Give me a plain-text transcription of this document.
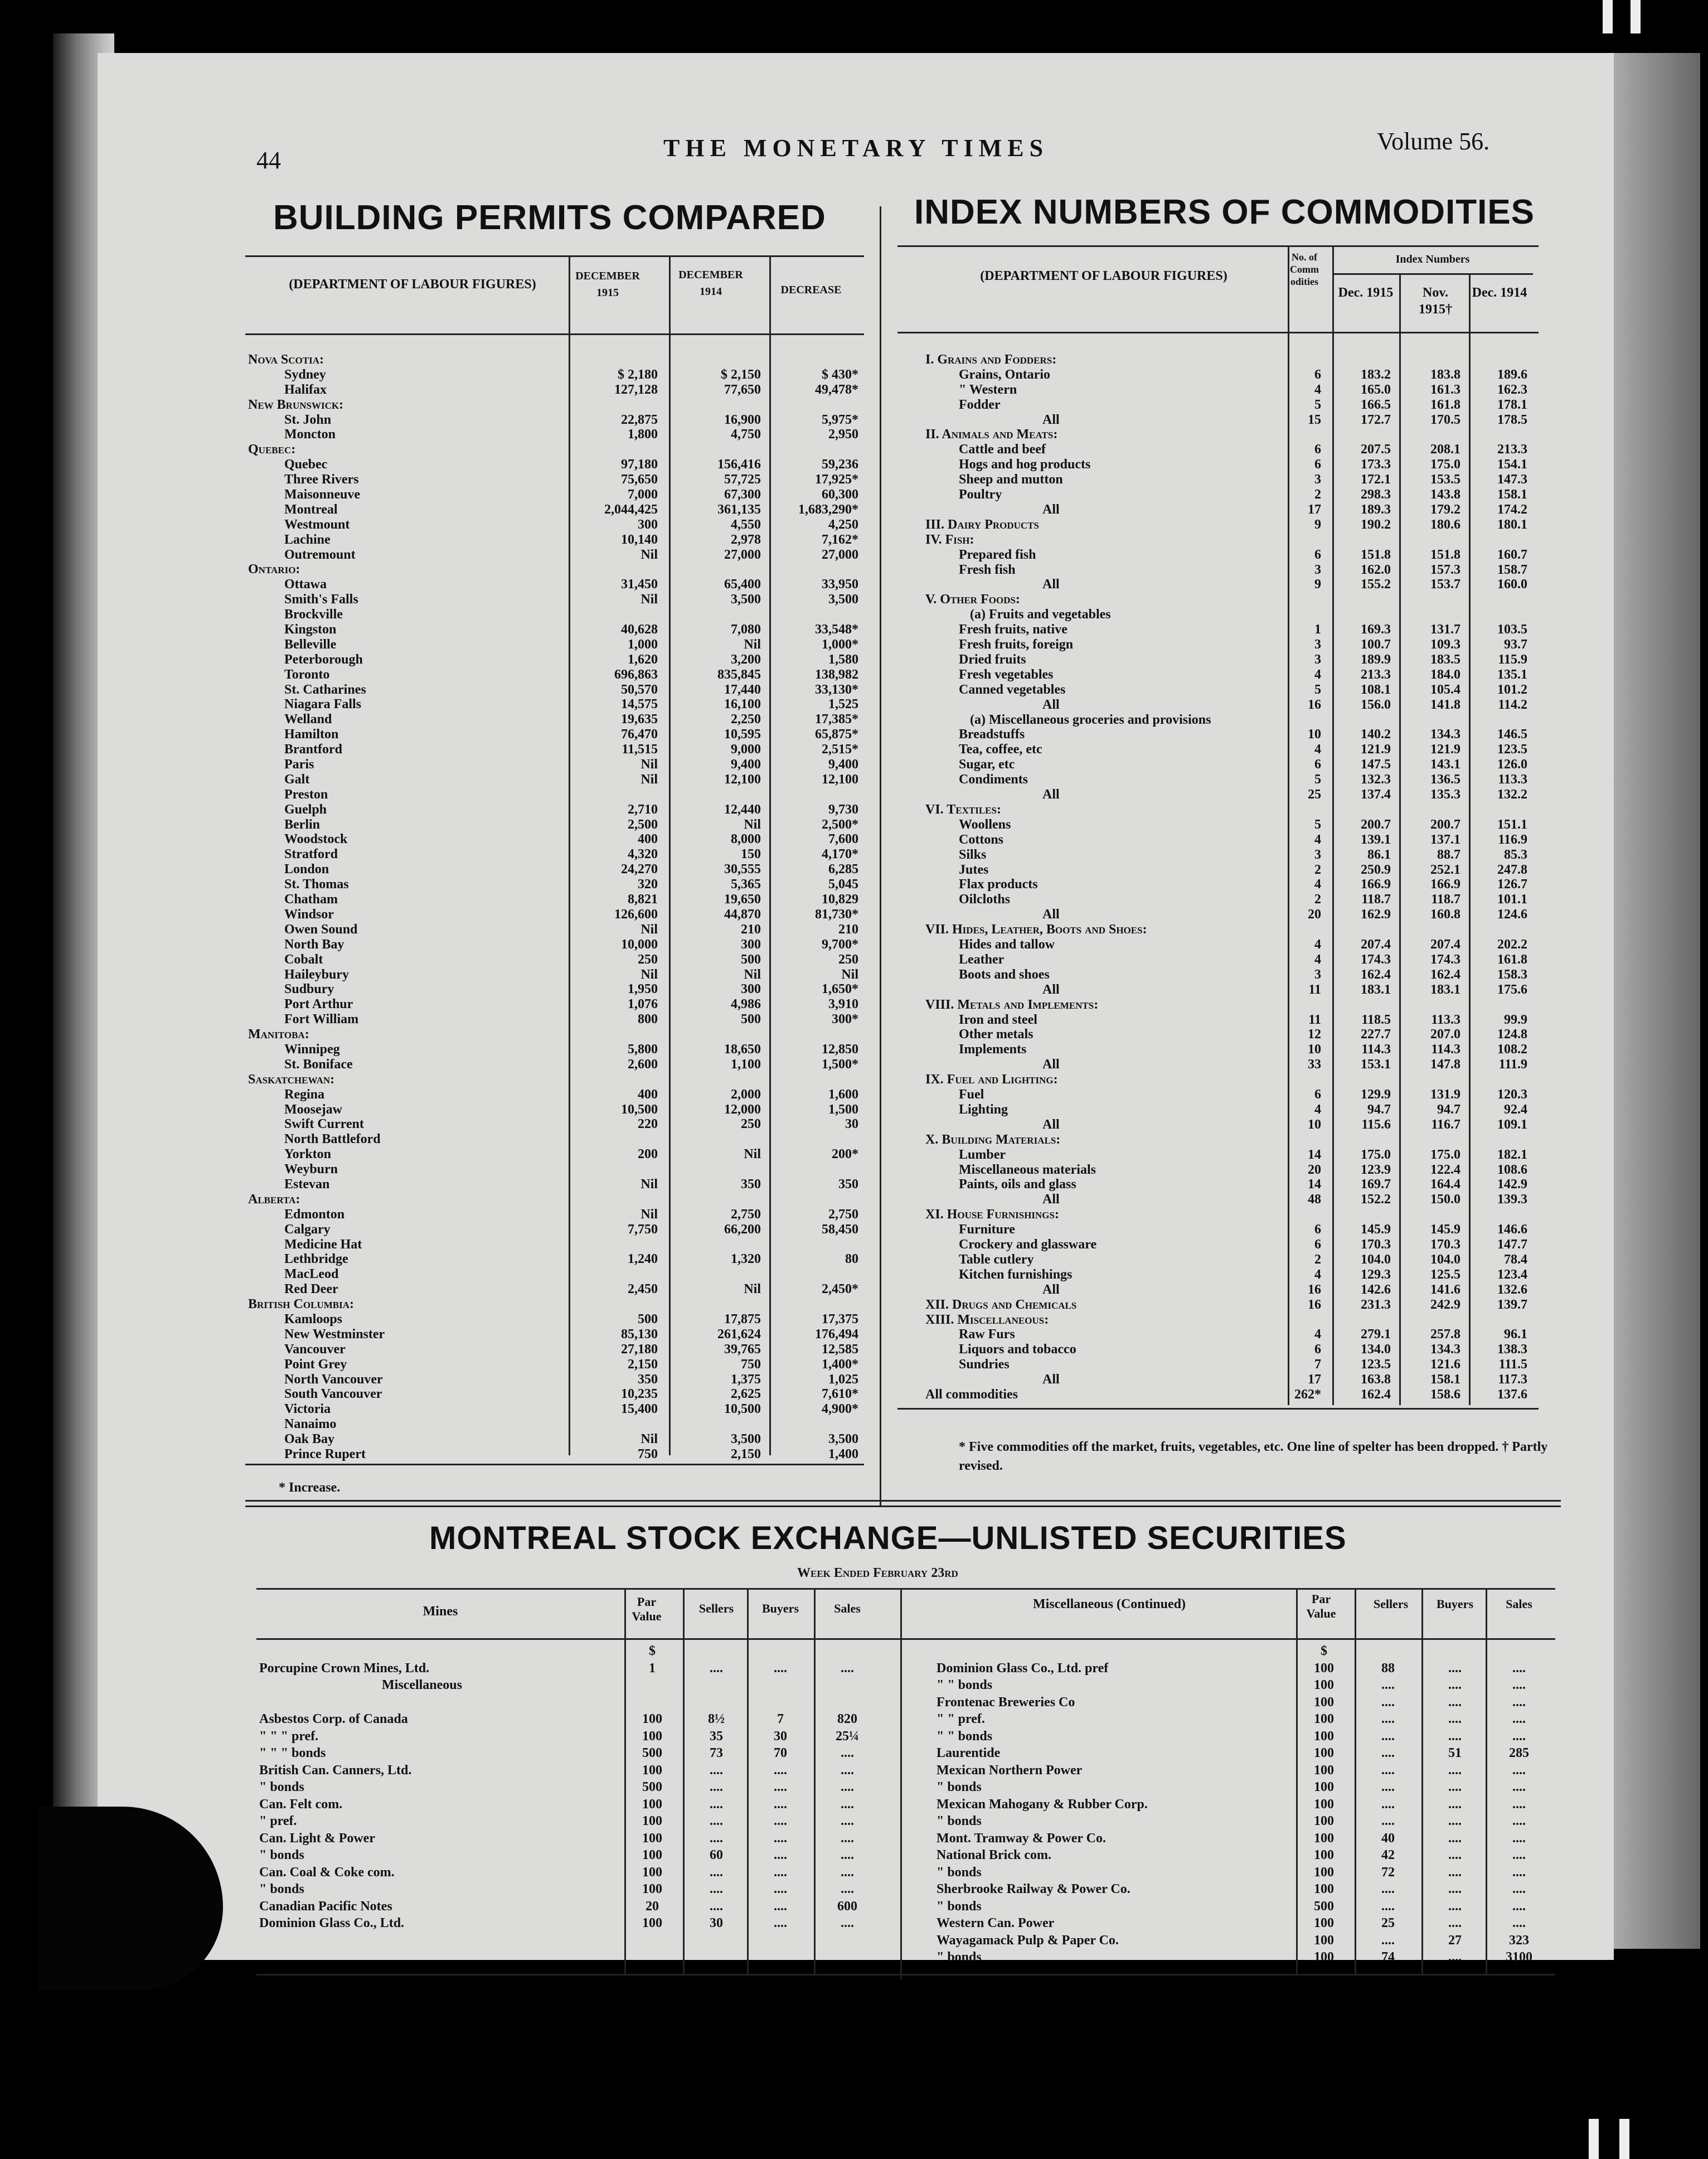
44	THE MONETARY TIMES	Volume 56.
BUILDING PERMITS COMPARED
(DEPARTMENT OF LABOUR FIGURES)
DECEMBER 1915
DECEMBER 1914	DECREASE
Nova Scotia:
Sydney	$ 2,180	$ 2,150	$ 430*
Halifax	127,128	77,650	49,478*
New Brunswick:
St. John	22,875	16,900	5,975*
Moncton	1,800	4,750	2,950
Quebec:
Quebec	97,180	156,416	59,236
Three Rivers	75,650	57,725	17,925*
Maisonneuve	7,000	67,300	60,300
Montreal	2,044,425	361,135	1,683,290*
Westmount	300	4,550	4,250
Lachine	10,140	2,978	7,162*
Outremount	Nil	27,000	27,000
Ontario:
Ottawa	31,450	65,400	33,950
Smith's Falls	Nil	3,500	3,500
Brockville
Kingston	40,628	7,080	33,548*
Belleville	1,000	Nil	1,000*
Peterborough	1,620	3,200	1,580
Toronto	696,863	835,845	138,982
St. Catharines	50,570	17,440	33,130*
Niagara Falls	14,575	16,100	1,525
Welland	19,635	2,250	17,385*
Hamilton	76,470	10,595	65,875*
Brantford	11,515	9,000	2,515*
Paris	Nil	9,400	9,400
Galt	Nil	12,100	12,100
Preston
Guelph	2,710	12,440	9,730
Berlin	2,500	Nil	2,500*
Woodstock	400	8,000	7,600
Stratford	4,320	150	4,170*
London	24,270	30,555	6,285
St. Thomas	320	5,365	5,045
Chatham	8,821	19,650	10,829
Windsor	126,600	44,870	81,730*
Owen Sound	Nil	210	210
North Bay	10,000	300	9,700*
Cobalt	250	500	250
Haileybury	Nil	Nil	Nil
Sudbury	1,950	300	1,650*
Port Arthur	1,076	4,986	3,910
Fort William	800	500	300*
Manitoba:
Winnipeg	5,800	18,650	12,850
St. Boniface	2,600	1,100	1,500*
Saskatchewan:
Regina	400	2,000	1,600
Moosejaw	10,500	12,000	1,500
Swift Current	220	250	30
North Battleford
Yorkton	200	Nil	200*
Weyburn
Estevan	Nil	350	350
Alberta:
Edmonton	Nil	2,750	2,750
Calgary	7,750	66,200	58,450
Medicine Hat
Lethbridge	1,240	1,320	80
MacLeod
Red Deer	2,450	Nil	2,450*
British Columbia:
Kamloops	500	17,875	17,375
New Westminster	85,130	261,624	176,494
Vancouver	27,180	39,765	12,585
Point Grey	2,150	750	1,400*
North Vancouver	350	1,375	1,025
South Vancouver	10,235	2,625	7,610*
Victoria	15,400	10,500	4,900*
Nanaimo
Oak Bay	Nil	3,500	3,500
Prince Rupert	750	2,150	1,400
* Increase.
INDEX NUMBERS OF COMMODITIES
(DEPARTMENT OF LABOUR FIGURES)
No. of Commodities
Index Numbers
Dec. 1915	Nov. 1915†
Dec. 1914
I. Grains and Fodders:
Grains, Ontario	6	183.2	183.8	189.6
" Western	4	165.0	161.3	162.3
Fodder	5	166.5	161.8	178.1
All	15	172.7	170.5	178.5
II. Animals and Meats:
Cattle and beef	6	207.5	208.1	213.3
Hogs and hog products	6	173.3	175.0	154.1
Sheep and mutton	3	172.1	153.5	147.3
Poultry	2	298.3	143.8	158.1
All	17	189.3	179.2	174.2
III. Dairy Products	9	190.2	180.6	180.1
IV. Fish:
Prepared fish	6	151.8	151.8	160.7
Fresh fish	3	162.0	157.3	158.7
All	9	155.2	153.7	160.0
V. Other Foods:
(a) Fruits and vegetables
Fresh fruits, native	1	169.3	131.7	103.5
Fresh fruits, foreign	3	100.7	109.3	93.7
Dried fruits	3	189.9	183.5	115.9
Fresh vegetables	4	213.3	184.0	135.1
Canned vegetables	5	108.1	105.4	101.2
All	16	156.0	141.8	114.2
(a) Miscellaneous groceries and provisions
Breadstuffs	10	140.2	134.3	146.5
Tea, coffee, etc	4	121.9	121.9	123.5
Sugar, etc	6	147.5	143.1	126.0
Condiments	5	132.3	136.5	113.3
All	25	137.4	135.3	132.2
VI. Textiles:
Woollens	5	200.7	200.7	151.1
Cottons	4	139.1	137.1	116.9
Silks	3	86.1	88.7	85.3
Jutes	2	250.9	252.1	247.8
Flax products	4	166.9	166.9	126.7
Oilcloths	2	118.7	118.7	101.1
All	20	162.9	160.8	124.6
VII. Hides, Leather, Boots and Shoes:
Hides and tallow	4	207.4	207.4	202.2
Leather	4	174.3	174.3	161.8
Boots and shoes	3	162.4	162.4	158.3
All	11	183.1	183.1	175.6
VIII. Metals and Implements:
Iron and steel	11	118.5	113.3	99.9
Other metals	12	227.7	207.0	124.8
Implements	10	114.3	114.3	108.2
All	33	153.1	147.8	111.9
IX. Fuel and Lighting:
Fuel	6	129.9	131.9	120.3
Lighting	4	94.7	94.7	92.4
All	10	115.6	116.7	109.1
X. Building Materials:
Lumber	14	175.0	175.0	182.1
Miscellaneous materials	20	123.9	122.4	108.6
Paints, oils and glass	14	169.7	164.4	142.9
All	48	152.2	150.0	139.3
XI. House Furnishings:
Furniture	6	145.9	145.9	146.6
Crockery and glassware	6	170.3	170.3	147.7
Table cutlery	2	104.0	104.0	78.4
Kitchen furnishings	4	129.3	125.5	123.4
All	16	142.6	141.6	132.6
XII. Drugs and Chemicals	16	231.3	242.9	139.7
XIII. Miscellaneous:
Raw Furs	4	279.1	257.8	96.1
Liquors and tobacco	6	134.0	134.3	138.3
Sundries	7	123.5	121.6	111.5
All	17	163.8	158.1	117.3
All commodities	262*	162.4	158.6	137.6
* Five commodities off the market, fruits, vegetables, etc. One line of spelter has been dropped. † Partly revised.
MONTREAL STOCK EXCHANGE—UNLISTED SECURITIES
Week Ended February 23rd
Mines
Par Value
Sellers	Buyers	Sales	Miscellaneous (Continued)	Par Value
Sellers	Buyers	Sales
$
Porcupine Crown Mines, Ltd.	1	....	....	....
Miscellaneous
Asbestos Corp. of Canada	100	8½	7	820
" " " pref.	100	35	30	25¼
" " " bonds	500	73	70	....
British Can. Canners, Ltd.	100	....	....	....
" bonds	500	....	....	....
Can. Felt com.	100	....	....	....
" pref.	100	....	....	....
Can. Light & Power	100	....	....	....
" bonds	100	60	....	....
Can. Coal & Coke com.	100	....	....	....
" bonds	100	....	....	....
Canadian Pacific Notes	20	....	....	600
Dominion Glass Co., Ltd.	100	30	....	....
$
Dominion Glass Co., Ltd. pref	100	88	....	....
" " bonds	100	....	....	....
Frontenac Breweries Co	100	....	....	....
" " pref.	100	....	....	....
" " bonds	100	....	....	....
Laurentide	100	....	51	285
Mexican Northern Power	100	....	....	....
" bonds	100	....	....	....
Mexican Mahogany & Rubber Corp.	100	....	....	....
" bonds	100	....	....	....
Mont. Tramway & Power Co.	100	40	....	....
National Brick com.	100	42	....	....
" bonds	100	72	....	....
Sherbrooke Railway & Power Co.	100	....	....	....
" bonds	500	....	....	....
Western Can. Power	100	25	....	....
Wayagamack Pulp & Paper Co.	100	....	27	323
" bonds	100	74	....	3100
